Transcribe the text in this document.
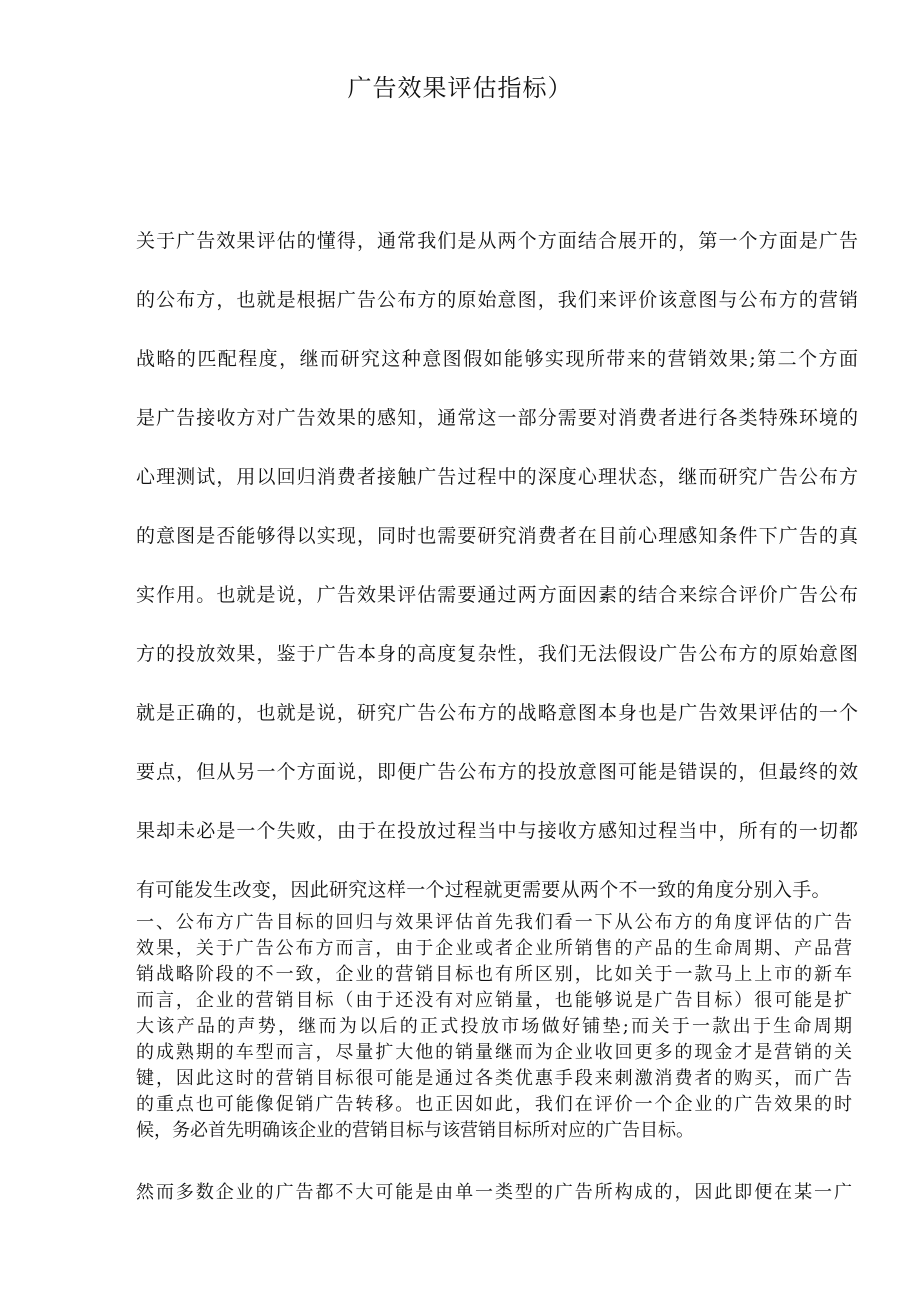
广告效果评估指标）

关于广告效果评估的懂得，通常我们是从两个方面结合展开的，第一个方面是广告
的公布方，也就是根据广告公布方的原始意图，我们来评价该意图与公布方的营销
战略的匹配程度，继而研究这种意图假如能够实现所带来的营销效果;第二个方面
是广告接收方对广告效果的感知，通常这一部分需要对消费者进行各类特殊环境的
心理测试，用以回归消费者接触广告过程中的深度心理状态，继而研究广告公布方
的意图是否能够得以实现，同时也需要研究消费者在目前心理感知条件下广告的真
实作用。也就是说，广告效果评估需要通过两方面因素的结合来综合评价广告公布
方的投放效果，鉴于广告本身的高度复杂性，我们无法假设广告公布方的原始意图
就是正确的，也就是说，研究广告公布方的战略意图本身也是广告效果评估的一个
要点，但从另一个方面说，即便广告公布方的投放意图可能是错误的，但最终的效
果却未必是一个失败，由于在投放过程当中与接收方感知过程当中，所有的一切都
有可能发生改变，因此研究这样一个过程就更需要从两个不一致的角度分别入手。

一、公布方广告目标的回归与效果评估首先我们看一下从公布方的角度评估的广告
效果，关于广告公布方而言，由于企业或者企业所销售的产品的生命周期、产品营
销战略阶段的不一致，企业的营销目标也有所区别，比如关于一款马上上市的新车
而言，企业的营销目标（由于还没有对应销量，也能够说是广告目标）很可能是扩
大该产品的声势，继而为以后的正式投放市场做好铺垫;而关于一款出于生命周期
的成熟期的车型而言，尽量扩大他的销量继而为企业收回更多的现金才是营销的关
键，因此这时的营销目标很可能是通过各类优惠手段来刺激消费者的购买，而广告
的重点也可能像促销广告转移。也正因如此，我们在评价一个企业的广告效果的时
候，务必首先明确该企业的营销目标与该营销目标所对应的广告目标。

然而多数企业的广告都不大可能是由单一类型的广告所构成的，因此即便在某一广
